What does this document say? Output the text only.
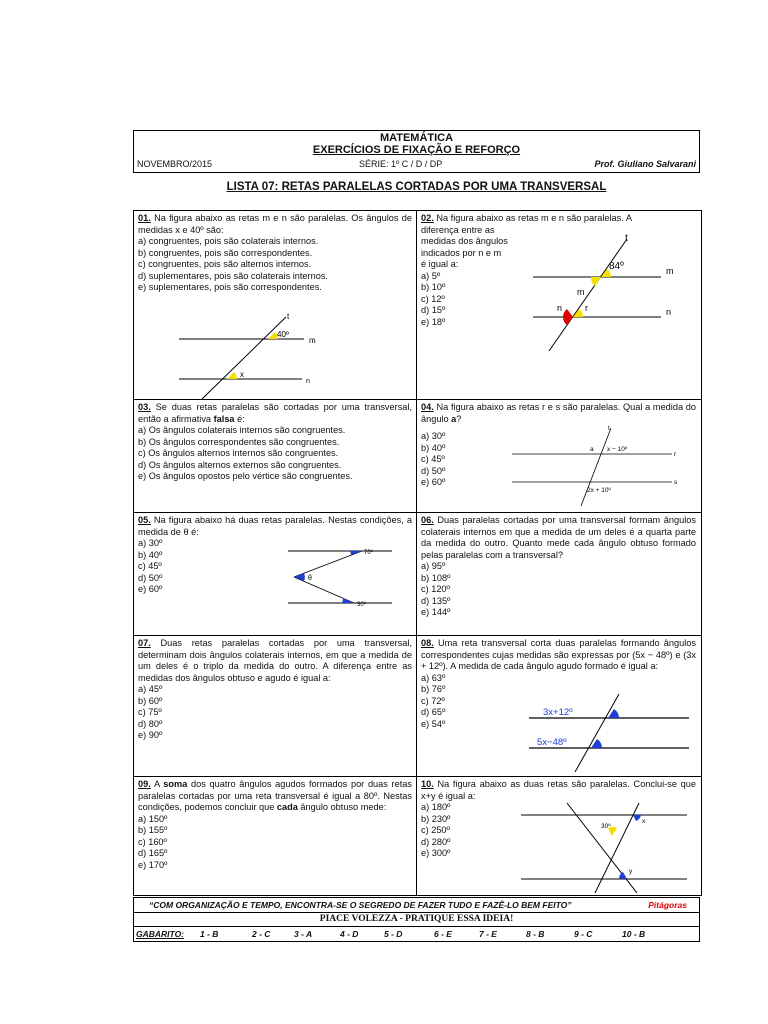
MATEMÁTICA
EXERCÍCIOS DE FIXAÇÃO E REFORÇO
NOVEMBRO/2015	SÉRIE: 1º C / D / DP	Prof. Giuliano Salvarani
LISTA 07: RETAS PARALELAS CORTADAS POR UMA TRANSVERSAL
01. Na figura abaixo as retas m e n são paralelas. Os ângulos de medidas x e 40º são:
a) congruentes, pois são colaterais internos.
b) congruentes, pois são correspondentes.
c) congruentes, pois são alternos internos.
d) suplementares, pois são colaterais internos.
e) suplementares, pois são correspondentes.
t
40º
m
x
n
02. Na figura abaixo as retas m e n são paralelas. A
diferença entre as
medidas dos ângulos
indicados por n e m
é igual a:
a) 5º
b) 10º
c) 12º
d) 15º
e) 18º
t
84º	m
m
n	r	n
03. Se duas retas paralelas são cortadas por uma transversal, então a afirmativa falsa é:
a) Os ângulos colaterais internos são congruentes.
b) Os ângulos correspondentes são congruentes.
c) Os ângulos alternos internos são congruentes.
d) Os ângulos alternos externos são congruentes.
e) Os ângulos opostos pelo vértice são congruentes.
04. Na figura abaixo as retas r e s são paralelas. Qual a medida do ângulo a?
a) 30º
b) 40º
c) 45º
d) 50º
e) 60º
t
a x − 10º
r
s
2x + 10º
05. Na figura abaixo há duas retas paralelas. Nestas condições, a medida de θ é:
a) 30º
b) 40º
c) 45º
d) 50º
e) 60º
70º
θ
30º
06. Duas paralelas cortadas por uma transversal formam ângulos colaterais internos em que a medida de um deles é a quarta parte da medida do outro. Quanto mede cada ângulo obtuso formado pelas paralelas com a transversal?
a) 95º
b) 108º
c) 120º
d) 135º
e) 144º
07. Duas retas paralelas cortadas por uma transversal, determinam dois ângulos colaterais internos, em que a medida de um deles é o triplo da medida do outro. A diferença entre as medidas dos ângulos obtuso e agudo é igual a:
a) 45º
b) 60º
c) 75º
d) 80º
e) 90º
08. Uma reta transversal corta duas paralelas formando ângulos correspondentes cujas medidas são expressas por (5x − 48º) e (3x + 12º). A medida de cada ângulo agudo formado é igual a:
a) 63º
b) 76º
c) 72º
d) 65º
e) 54º
3x+12º
5x−48º
09. A soma dos quatro ângulos agudos formados por duas retas paralelas cortadas por uma reta transversal é igual a 80º. Nestas condições, podemos concluir que cada ângulo obtuso mede:
a) 150º
b) 155º
c) 160º
d) 165º
e) 170º
10. Na figura abaixo as duas retas são paralelas. Conclui-se que x+y é igual a:
a) 180º
b) 230º
c) 250º
d) 280º
e) 300º
30º
x
y
“COM ORGANIZAÇÃO E TEMPO, ENCONTRA-SE O SEGREDO DE FAZER TUDO E FAZÊ-LO BEM FEITO”	Pitágoras
PIACE VOLEZZA - PRATIQUE ESSA IDEIA!
GABARITO: 1 - B	2 - C	3 - A	4 - D	5 - D	6 - E	7 - E	8 - B	9 - C	10 - B
